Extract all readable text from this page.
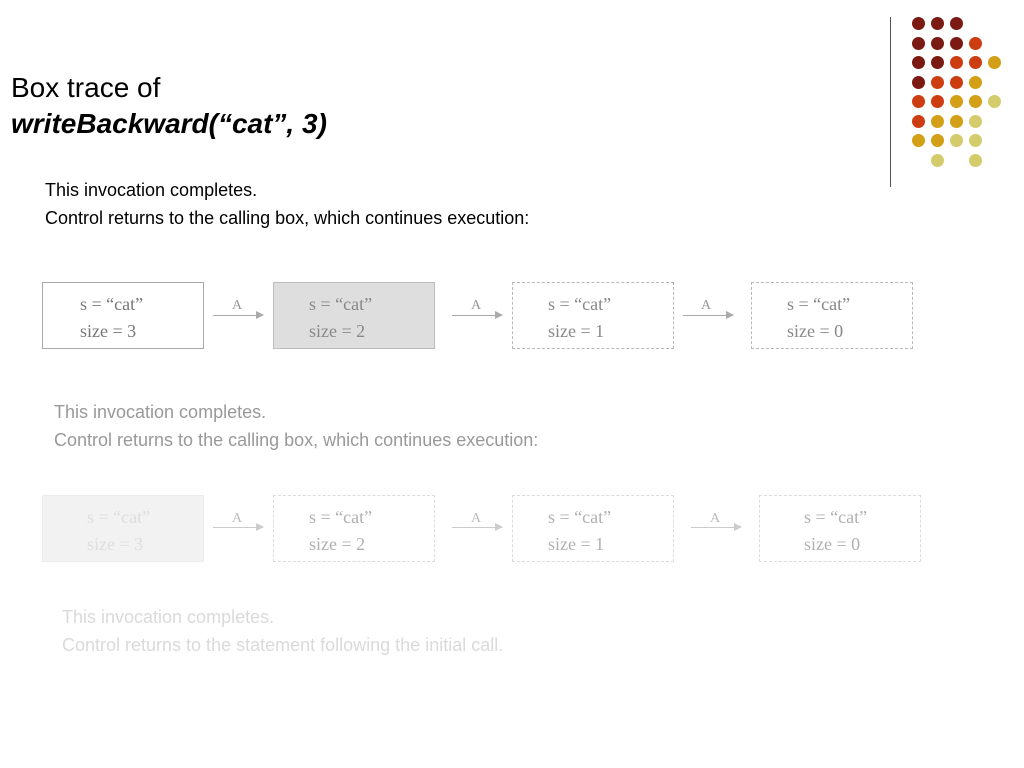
Box trace of
writeBackward(“cat”, 3)
This invocation completes.
Control returns to the calling box, which continues execution:
This invocation completes.
Control returns to the calling box, which continues execution:
This invocation completes.
Control returns to the statement following the initial call.
s = “cat”
size = 3
A	s = “cat”
size = 2
A	s = “cat”
size = 1
A	s = “cat”
size = 0
s = “cat”
size = 3
A	s = “cat”
size = 2
A	s = “cat”
size = 1
A	s = “cat”
size = 0
